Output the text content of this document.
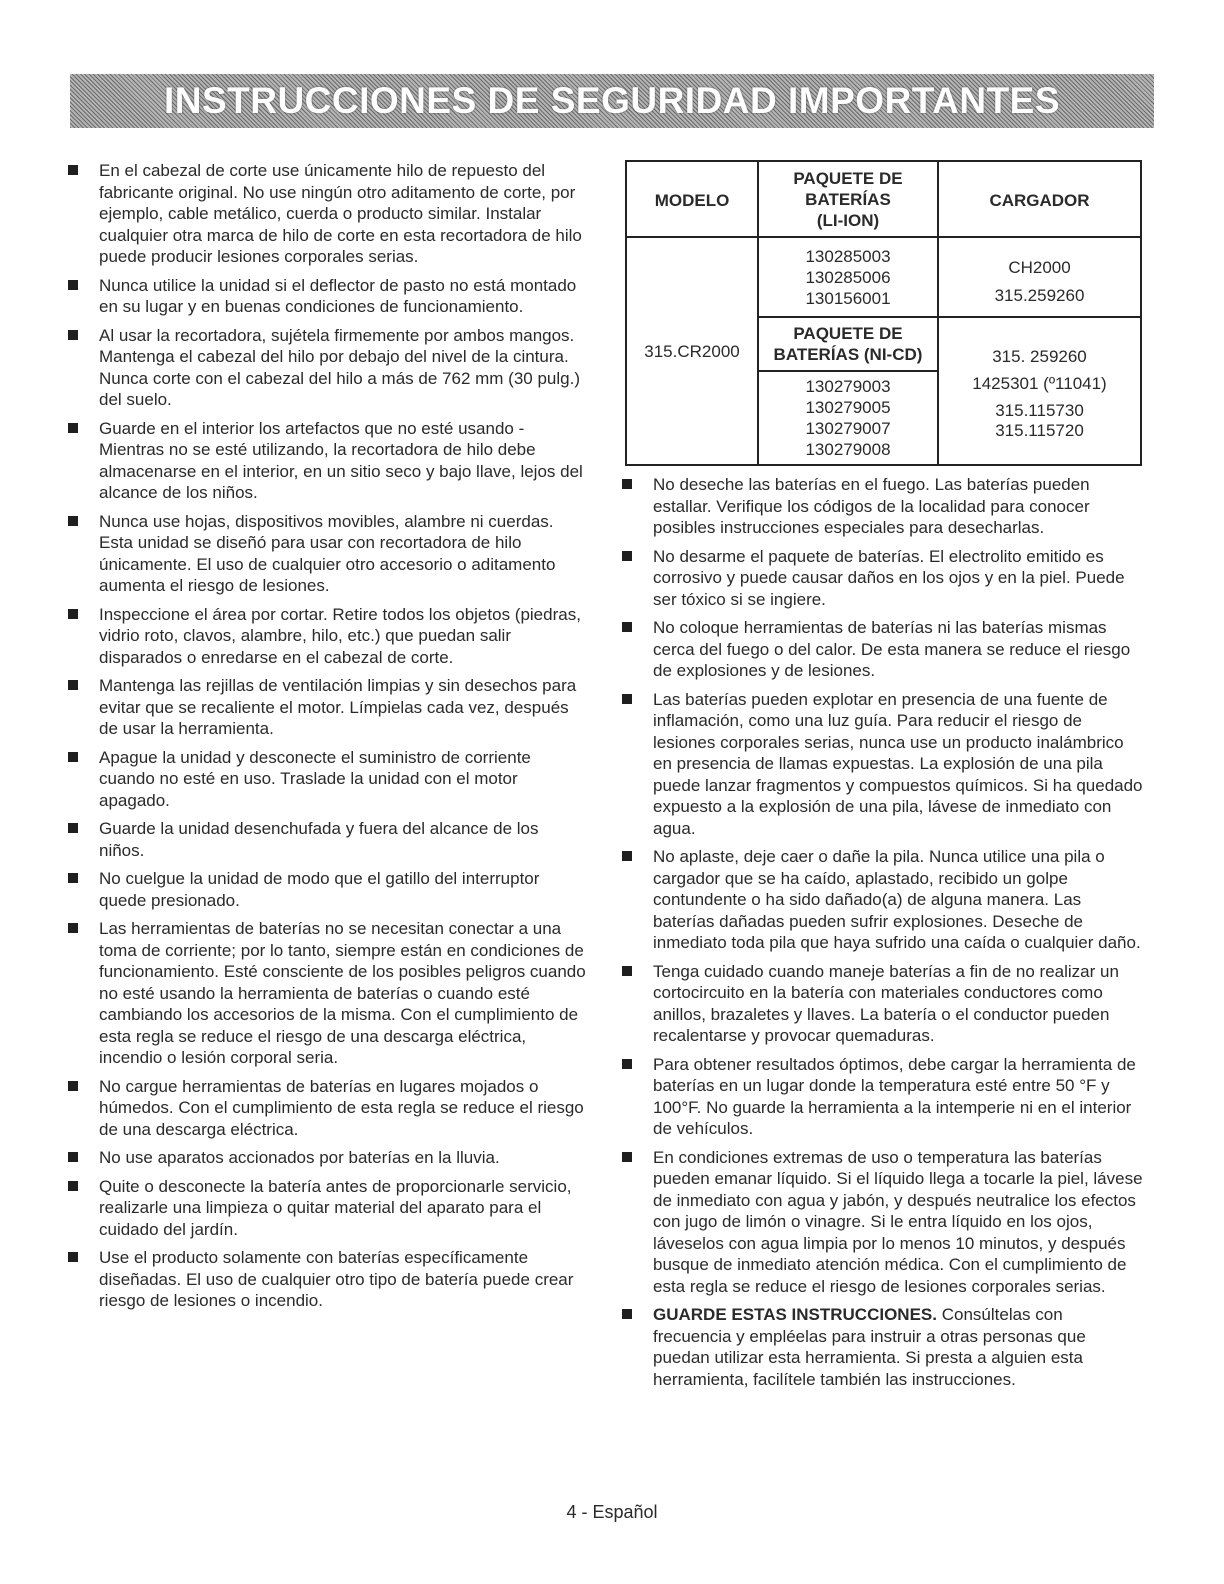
INSTRUCCIONES DE SEGURIDAD IMPORTANTES
En el cabezal de corte use únicamente hilo de repuesto del fabricante original. No use ningún otro aditamento de corte, por ejemplo, cable metálico, cuerda o producto similar. Instalar cualquier otra marca de hilo de corte en esta recortadora de hilo puede producir lesiones corporales serias.
Nunca utilice la unidad si el deflector de pasto no está montado en su lugar y en buenas condiciones de funcionamiento.
Al usar la recortadora, sujétela firmemente por ambos mangos. Mantenga el cabezal del hilo por debajo del nivel de la cintura. Nunca corte con el cabezal del hilo a más de 762 mm (30 pulg.) del suelo.
Guarde en el interior los artefactos que no esté usando - Mientras no se esté utilizando, la recortadora de hilo debe almacenarse en el interior, en un sitio seco y bajo llave, lejos del alcance de los niños.
Nunca use hojas, dispositivos movibles, alambre ni cuerdas. Esta unidad se diseñó para usar con recortadora de hilo únicamente. El uso de cualquier otro accesorio o aditamento aumenta el riesgo de lesiones.
Inspeccione el área por cortar. Retire todos los objetos (piedras, vidrio roto, clavos, alambre, hilo, etc.) que puedan salir disparados o enredarse en el cabezal de corte.
Mantenga las rejillas de ventilación limpias y sin desechos para evitar que se recaliente el motor. Límpielas cada vez, después de usar la herramienta.
Apague la unidad y desconecte el suministro de corriente cuando no esté en uso. Traslade la unidad con el motor apagado.
Guarde la unidad desenchufada y fuera del alcance de los niños.
No cuelgue la unidad de modo que el gatillo del interruptor quede presionado.
Las herramientas de baterías no se necesitan conectar a una toma de corriente; por lo tanto, siempre están en condiciones de funcionamiento. Esté consciente de los posibles peligros cuando no esté usando la herramienta de baterías o cuando esté cambiando los accesorios de la misma. Con el cumplimiento de esta regla se reduce el riesgo de una descarga eléctrica, incendio o lesión corporal seria.
No cargue herramientas de baterías en lugares mojados o húmedos. Con el cumplimiento de esta regla se reduce el riesgo de una descarga eléctrica.
No use aparatos accionados por baterías en la lluvia.
Quite o desconecte la batería antes de proporcionarle servicio, realizarle una limpieza o quitar material del aparato para el cuidado del jardín.
Use el producto solamente con baterías específicamente diseñadas. El uso de cualquier otro tipo de batería puede crear riesgo de lesiones o incendio.
MODELO
PAQUETE DE
BATERÍAS
(LI-ION)
CARGADOR
315.CR2000
130285003
130285006
130156001
CH2000
315.259260
PAQUETE DE
BATERÍAS (NI-CD)
130279003
130279005
130279007
130279008
315. 259260
1425301 (º11041)
315.115730
315.115720
No deseche las baterías en el fuego. Las baterías pueden estallar. Verifique los códigos de la localidad para conocer posibles instrucciones especiales para desecharlas.
No desarme el paquete de baterías. El electrolito emitido es corrosivo y puede causar daños en los ojos y en la piel. Puede ser tóxico si se ingiere.
No coloque herramientas de baterías ni las baterías mismas cerca del fuego o del calor. De esta manera se reduce el riesgo de explosiones y de lesiones.
Las baterías pueden explotar en presencia de una fuente de inflamación, como una luz guía. Para reducir el riesgo de lesiones corporales serias, nunca use un producto inalámbrico en presencia de llamas expuestas. La explosión de una pila puede lanzar fragmentos y compuestos químicos. Si ha quedado expuesto a la explosión de una pila, lávese de inmediato con agua.
No aplaste, deje caer o dañe la pila. Nunca utilice una pila o cargador que se ha caído, aplastado, recibido un golpe contundente o ha sido dañado(a) de alguna manera. Las baterías dañadas pueden sufrir explosiones. Deseche de inmediato toda pila que haya sufrido una caída o cualquier daño.
Tenga cuidado cuando maneje baterías a fin de no realizar un cortocircuito en la batería con materiales conductores como anillos, brazaletes y llaves. La batería o el conductor pueden recalentarse y provocar quemaduras.
Para obtener resultados óptimos, debe cargar la herramienta de baterías en un lugar donde la temperatura esté entre 50 °F y 100°F. No guarde la herramienta a la intemperie ni en el interior de vehículos.
En condiciones extremas de uso o temperatura las baterías pueden emanar líquido. Si el líquido llega a tocarle la piel, lávese de inmediato con agua y jabón, y después neutralice los efectos con jugo de limón o vinagre. Si le entra líquido en los ojos, láveselos con agua limpia por lo menos 10 minutos, y después busque de inmediato atención médica. Con el cumplimiento de esta regla se reduce el riesgo de lesiones corporales serias.
GUARDE ESTAS INSTRUCCIONES. Consúltelas con frecuencia y empléelas para instruir a otras personas que puedan utilizar esta herramienta. Si presta a alguien esta herramienta, facilítele también las instrucciones.
4 - Español
